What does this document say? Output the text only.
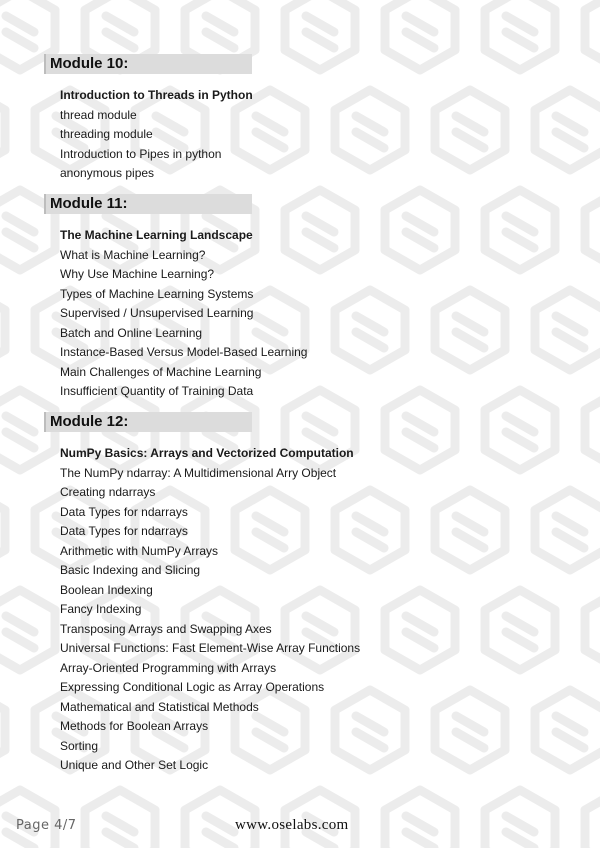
Module 10:
Introduction to Threads in Python
thread module
threading module
Introduction to Pipes in python
anonymous pipes
Module 11:
The Machine Learning Landscape
What is Machine Learning?
Why Use Machine Learning?
Types of Machine Learning Systems
Supervised / Unsupervised Learning
Batch and Online Learning
Instance-Based Versus Model-Based Learning
Main Challenges of Machine Learning
Insufficient Quantity of Training Data
Module 12:
NumPy Basics: Arrays and Vectorized Computation
The NumPy ndarray: A Multidimensional Arry Object
Creating ndarrays
Data Types for ndarrays
Data Types for ndarrays
Arithmetic with NumPy Arrays
Basic Indexing and Slicing
Boolean Indexing
Fancy Indexing
Transposing Arrays and Swapping Axes
Universal Functions: Fast Element-Wise Array Functions
Array-Oriented Programming with Arrays
Expressing Conditional Logic as Array Operations
Mathematical and Statistical Methods
Methods for Boolean Arrays
Sorting
Unique and Other Set Logic
Page 4/7	www.oselabs.com
